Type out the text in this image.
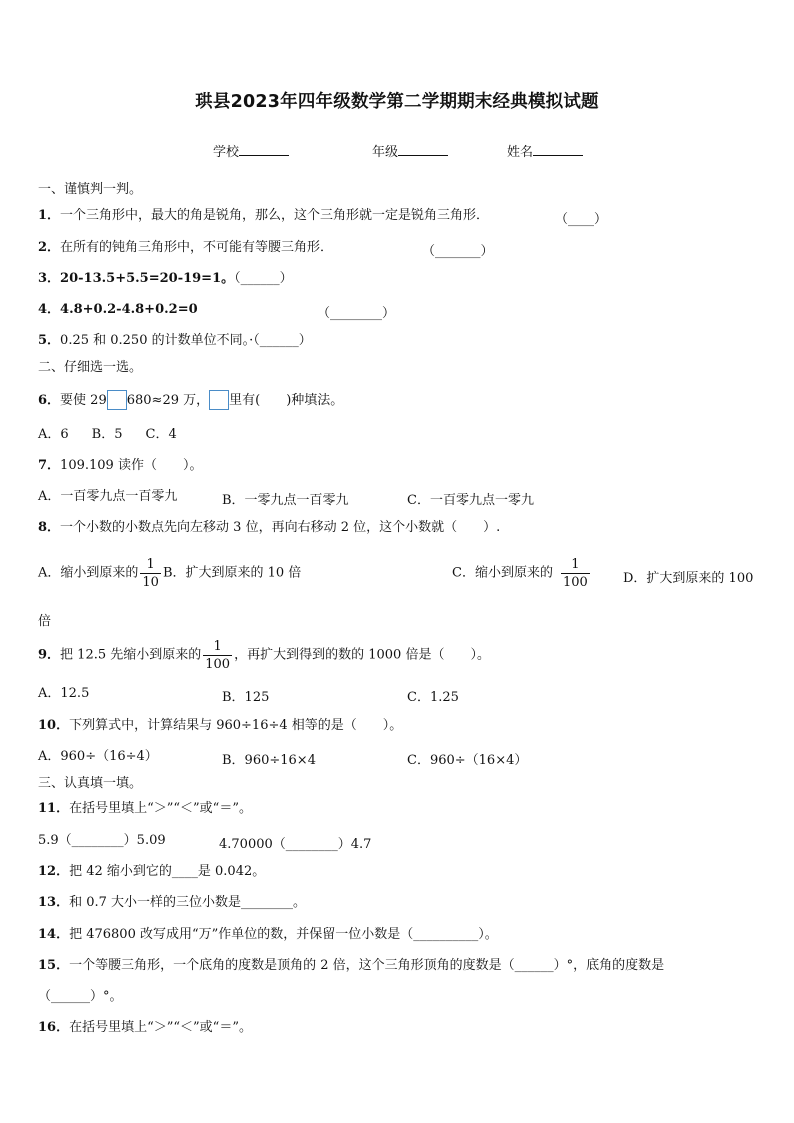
珙县2023年四年级数学第二学期期末经典模拟试题
学校	年级	姓名
一、谨慎判一判。
1．一个三角形中，最大的角是锐角，那么，这个三角形就一定是锐角三角形．	（____）
2．在所有的钝角三角形中，不可能有等腰三角形．	（_______）
3．20-13.5+5.5=20-19=1。（______）
4．4.8+0.2-4.8+0.2=0	（________）
5．0.25 和 0.250 的计数单位不同。·（______）
二、仔细选一选。
6．要使 29 680≈29 万， 里有(　　)种填法。
A．6 B．5 C．4
7．109.109 读作（　　）。
A．一百零九点一百零九	B．一零九点一百零九	C．一百零九点一零九
8．一个小数的小数点先向左移动 3 位，再向右移动 2 位，这个小数就（　　）.
A．缩小到原来的 $\frac{1}{10}$ B．扩大到原来的 10 倍	C．缩小到原来的 $\frac{1}{100}$	D．扩大到原来的 100
倍
9．把 12.5 先缩小到原来的 $\frac{1}{100}$ ，再扩大到得到的数的 1000 倍是（　　）。
A．12.5	B．125	C．1.25
10．下列算式中，计算结果与 960÷16÷4 相等的是（　　）。
A．960÷（16÷4）	B．960÷16×4	C．960÷（16×4）
三、认真填一填。
11．在括号里填上“＞”“＜”或“＝”。
5.9（________）5.09	4.70000（________）4.7
12．把 42 缩小到它的____是 0.042。
13．和 0.7 大小一样的三位小数是________。
14．把 476800 改写成用“万”作单位的数，并保留一位小数是（__________）。
15．一个等腰三角形，一个底角的度数是顶角的 2 倍，这个三角形顶角的度数是（______）°，底角的度数是
（______）°。
16．在括号里填上“＞”“＜”或“＝”。
